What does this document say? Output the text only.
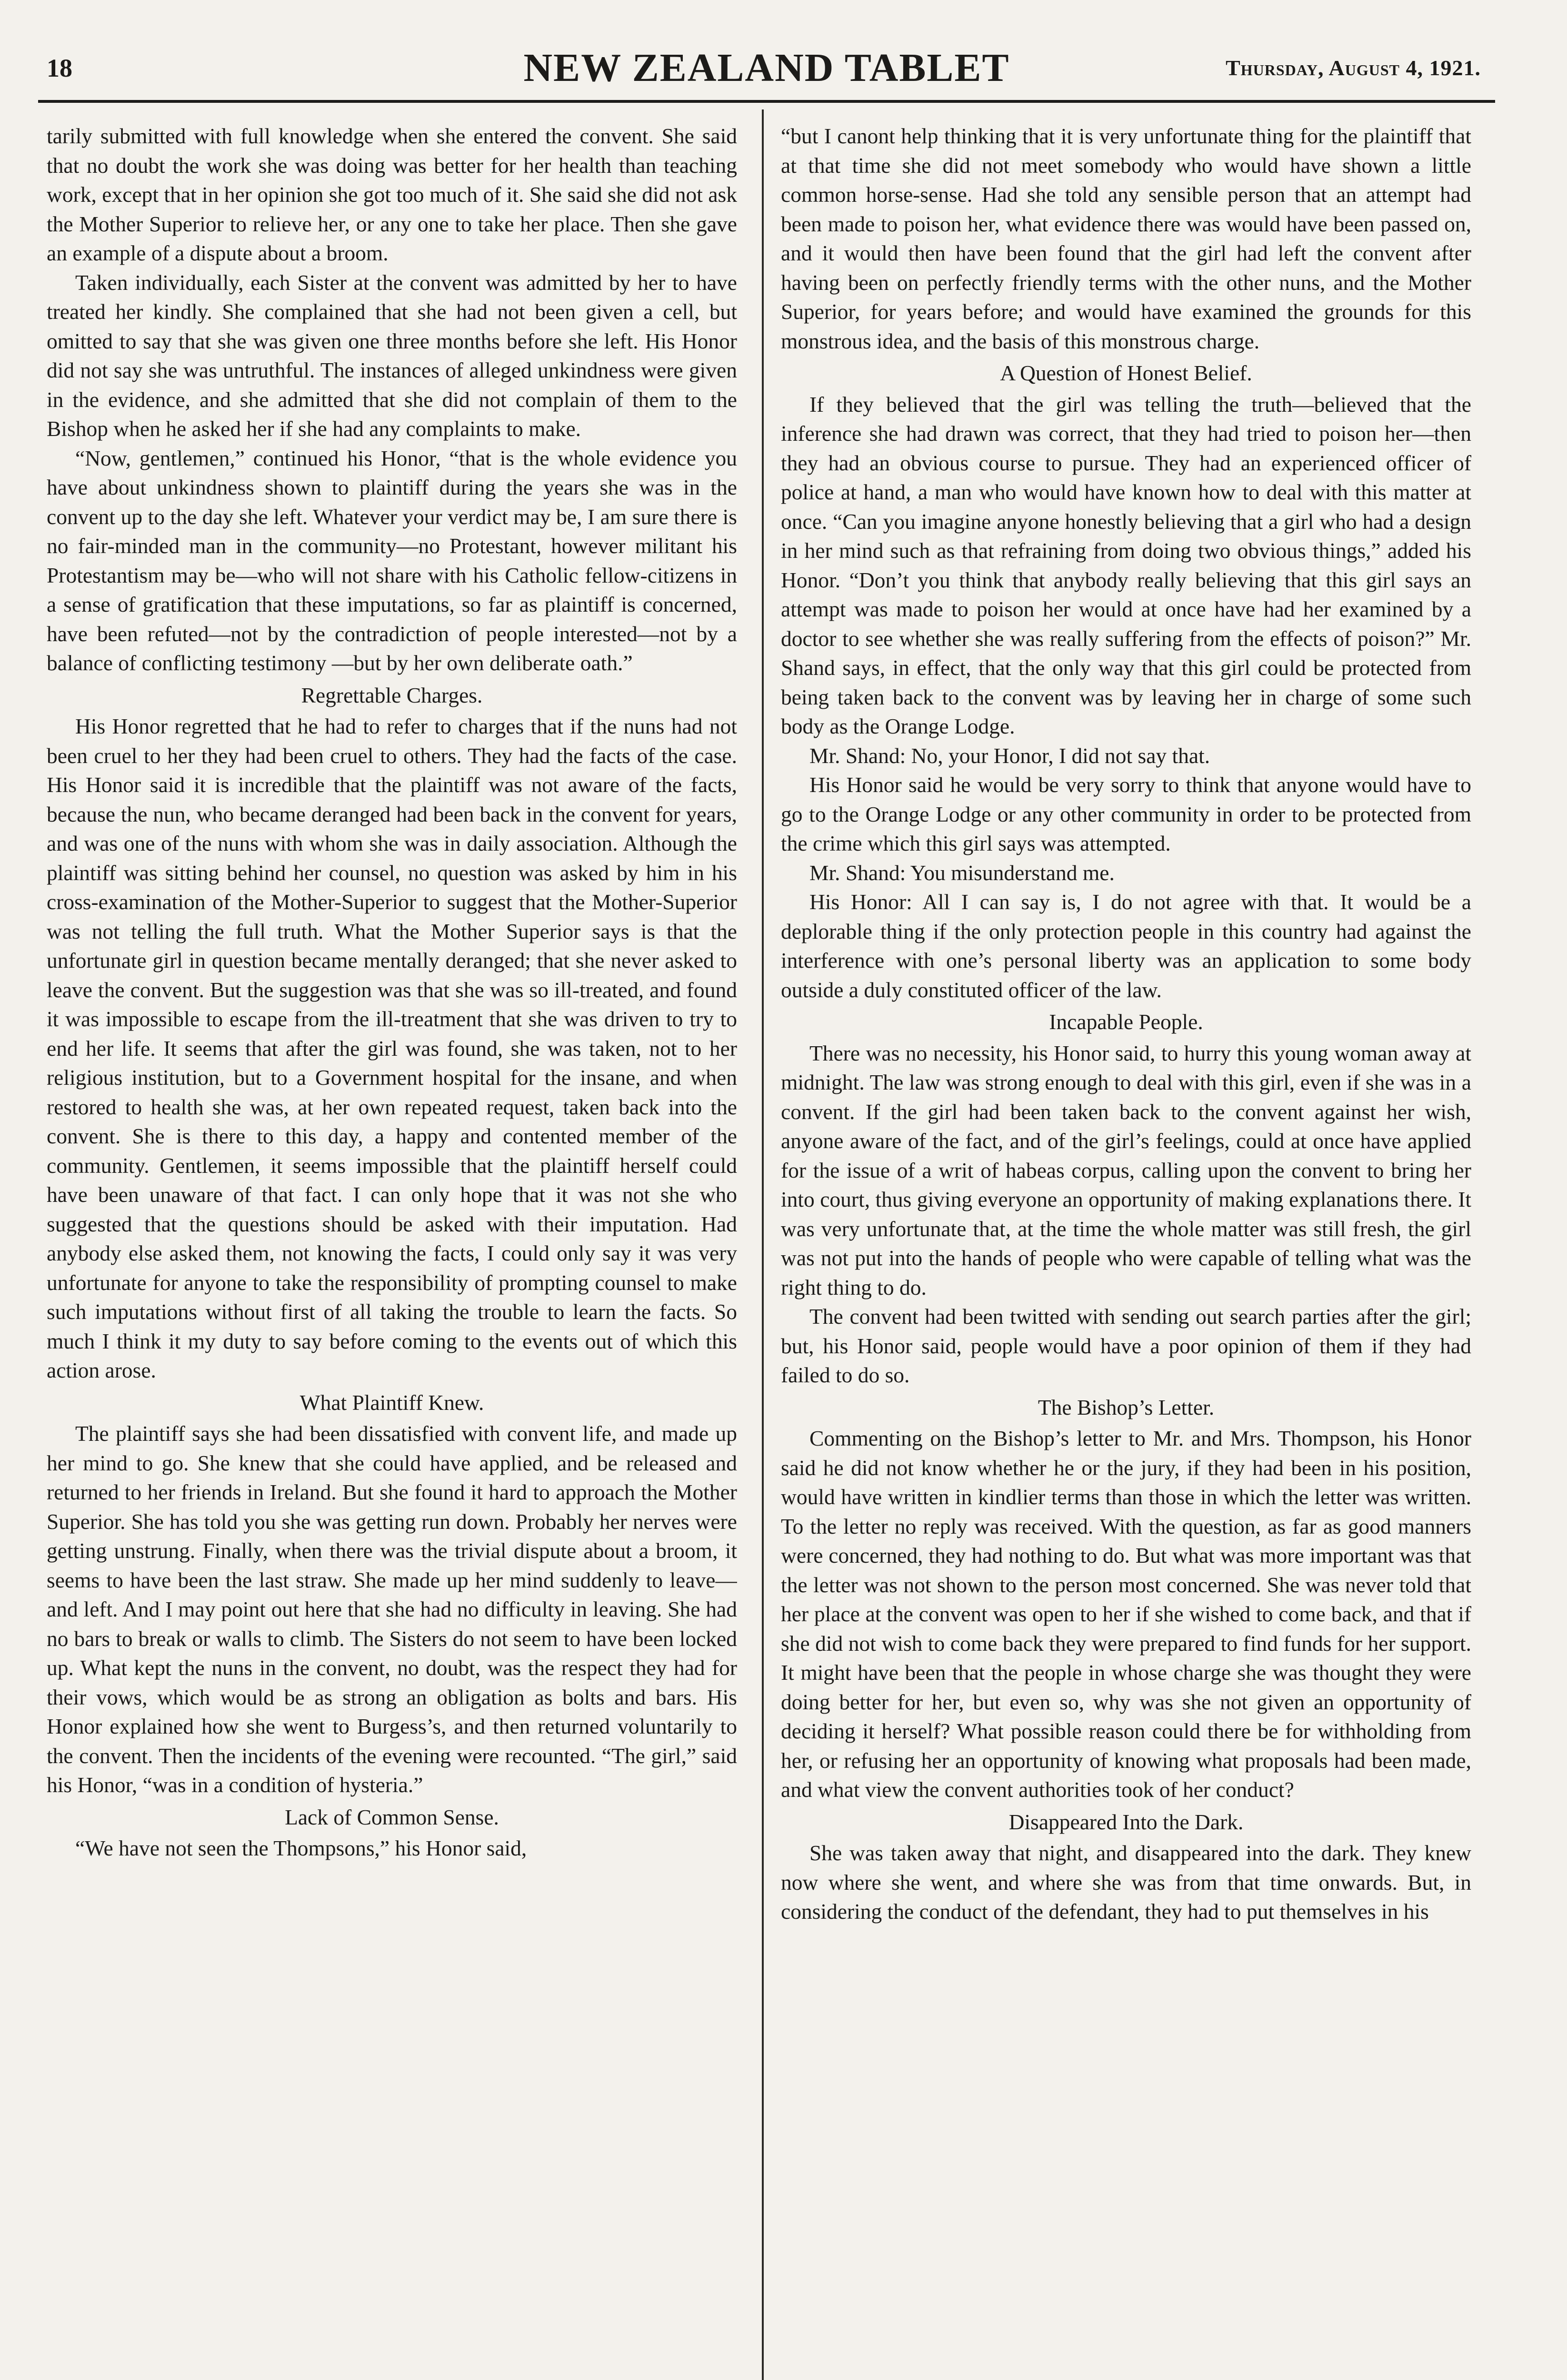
18	NEW ZEALAND TABLET	Thursday, August 4, 1921.

tarily submitted with full knowledge when she entered the convent. She said that no doubt the work she was doing was better for her health than teaching work, except that in her opinion she got too much of it. She said she did not ask the Mother Superior to relieve her, or any one to take her place. Then she gave an example of a dispute about a broom.

Taken individually, each Sister at the convent was admitted by her to have treated her kindly. She complained that she had not been given a cell, but omitted to say that she was given one three months before she left. His Honor did not say she was untruthful. The instances of alleged unkindness were given in the evidence, and she admitted that she did not complain of them to the Bishop when he asked her if she had any complaints to make.

“Now, gentlemen,” continued his Honor, “that is the whole evidence you have about unkindness shown to plaintiff during the years she was in the convent up to the day she left. Whatever your verdict may be, I am sure there is no fair-minded man in the community—no Protestant, however militant his Protestantism may be—who will not share with his Catholic fellow-citizens in a sense of gratification that these imputations, so far as plaintiff is concerned, have been refuted—not by the contradiction of people interested—not by a balance of conflicting testimony —but by her own deliberate oath.”

Regrettable Charges.

His Honor regretted that he had to refer to charges that if the nuns had not been cruel to her they had been cruel to others. They had the facts of the case. His Honor said it is incredible that the plaintiff was not aware of the facts, because the nun, who became deranged had been back in the convent for years, and was one of the nuns with whom she was in daily association. Although the plaintiff was sitting behind her counsel, no question was asked by him in his cross-examination of the Mother-Superior to suggest that the Mother-Superior was not telling the full truth. What the Mother Superior says is that the unfortunate girl in question became mentally deranged; that she never asked to leave the convent. But the suggestion was that she was so ill-treated, and found it was impossible to escape from the ill-treatment that she was driven to try to end her life. It seems that after the girl was found, she was taken, not to her religious institution, but to a Government hospital for the insane, and when restored to health she was, at her own repeated request, taken back into the convent. She is there to this day, a happy and contented member of the community. Gentlemen, it seems impossible that the plaintiff herself could have been unaware of that fact. I can only hope that it was not she who suggested that the questions should be asked with their imputation. Had anybody else asked them, not knowing the facts, I could only say it was very unfortunate for anyone to take the responsibility of prompting counsel to make such imputations without first of all taking the trouble to learn the facts. So much I think it my duty to say before coming to the events out of which this action arose.

What Plaintiff Knew.

The plaintiff says she had been dissatisfied with convent life, and made up her mind to go. She knew that she could have applied, and be released and returned to her friends in Ireland. But she found it hard to approach the Mother Superior. She has told you she was getting run down. Probably her nerves were getting unstrung. Finally, when there was the trivial dispute about a broom, it seems to have been the last straw. She made up her mind suddenly to leave—and left. And I may point out here that she had no difficulty in leaving. She had no bars to break or walls to climb. The Sisters do not seem to have been locked up. What kept the nuns in the convent, no doubt, was the respect they had for their vows, which would be as strong an obligation as bolts and bars. His Honor explained how she went to Burgess’s, and then returned voluntarily to the convent. Then the incidents of the evening were recounted. “The girl,” said his Honor, “was in a condition of hysteria.”

Lack of Common Sense.

“We have not seen the Thompsons,” his Honor said,

“but I canont help thinking that it is very unfortunate thing for the plaintiff that at that time she did not meet somebody who would have shown a little common horse-sense. Had she told any sensible person that an attempt had been made to poison her, what evidence there was would have been passed on, and it would then have been found that the girl had left the convent after having been on perfectly friendly terms with the other nuns, and the Mother Superior, for years before; and would have examined the grounds for this monstrous idea, and the basis of this monstrous charge.

A Question of Honest Belief.

If they believed that the girl was telling the truth—believed that the inference she had drawn was correct, that they had tried to poison her—then they had an obvious course to pursue. They had an experienced officer of police at hand, a man who would have known how to deal with this matter at once. “Can you imagine anyone honestly believing that a girl who had a design in her mind such as that refraining from doing two obvious things,” added his Honor. “Don’t you think that anybody really believing that this girl says an attempt was made to poison her would at once have had her examined by a doctor to see whether she was really suffering from the effects of poison?” Mr. Shand says, in effect, that the only way that this girl could be protected from being taken back to the convent was by leaving her in charge of some such body as the Orange Lodge.

Mr. Shand: No, your Honor, I did not say that.

His Honor said he would be very sorry to think that anyone would have to go to the Orange Lodge or any other community in order to be protected from the crime which this girl says was attempted.

Mr. Shand: You misunderstand me.

His Honor: All I can say is, I do not agree with that. It would be a deplorable thing if the only protection people in this country had against the interference with one’s personal liberty was an application to some body outside a duly constituted officer of the law.

Incapable People.

There was no necessity, his Honor said, to hurry this young woman away at midnight. The law was strong enough to deal with this girl, even if she was in a convent. If the girl had been taken back to the convent against her wish, anyone aware of the fact, and of the girl’s feelings, could at once have applied for the issue of a writ of habeas corpus, calling upon the convent to bring her into court, thus giving everyone an opportunity of making explanations there. It was very unfortunate that, at the time the whole matter was still fresh, the girl was not put into the hands of people who were capable of telling what was the right thing to do.

The convent had been twitted with sending out search parties after the girl; but, his Honor said, people would have a poor opinion of them if they had failed to do so.

The Bishop’s Letter.

Commenting on the Bishop’s letter to Mr. and Mrs. Thompson, his Honor said he did not know whether he or the jury, if they had been in his position, would have written in kindlier terms than those in which the letter was written. To the letter no reply was received. With the question, as far as good manners were concerned, they had nothing to do. But what was more important was that the letter was not shown to the person most concerned. She was never told that her place at the convent was open to her if she wished to come back, and that if she did not wish to come back they were prepared to find funds for her support. It might have been that the people in whose charge she was thought they were doing better for her, but even so, why was she not given an opportunity of deciding it herself? What possible reason could there be for withholding from her, or refusing her an opportunity of knowing what proposals had been made, and what view the convent authorities took of her conduct?

Disappeared Into the Dark.

She was taken away that night, and disappeared into the dark. They knew now where she went, and where she was from that time onwards. But, in considering the conduct of the defendant, they had to put themselves in his
